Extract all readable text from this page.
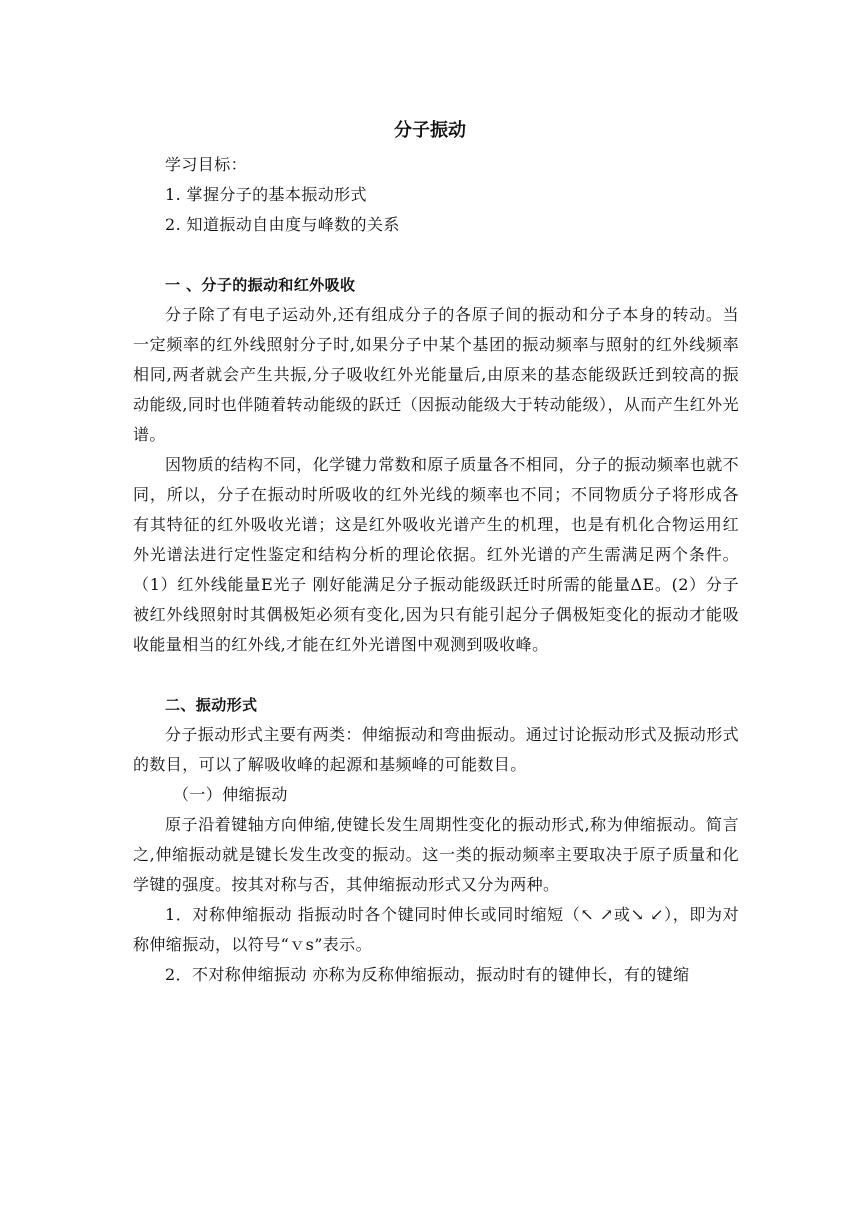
分子振动
学习目标：
1. 掌握分子的基本振动形式
2. 知道振动自由度与峰数的关系
一 、分子的振动和红外吸收

分子除了有电子运动外,还有组成分子的各原子间的振动和分子本身的转动。当一定频率的红外线照射分子时,如果分子中某个基团的振动频率与照射的红外线频率相同,两者就会产生共振,分子吸收红外光能量后,由原来的基态能级跃迁到较高的振动能级,同时也伴随着转动能级的跃迁（因振动能级大于转动能级），从而产生红外光谱。

因物质的结构不同，化学键力常数和原子质量各不相同，分子的振动频率也就不同，所以，分子在振动时所吸收的红外光线的频率也不同；不同物质分子将形成各有其特征的红外吸收光谱；这是红外吸收光谱产生的机理，也是有机化合物运用红外光谱法进行定性鉴定和结构分析的理论依据。红外光谱的产生需满足两个条件。（1）红外线能量E光子 刚好能满足分子振动能级跃迁时所需的能量ΔE。(2）分子被红外线照射时其偶极矩必须有变化,因为只有能引起分子偶极矩变化的振动才能吸收能量相当的红外线,才能在红外光谱图中观测到吸收峰。

二、振动形式

分子振动形式主要有两类：伸缩振动和弯曲振动。通过讨论振动形式及振动形式的数目，可以了解吸收峰的起源和基频峰的可能数目。

（一）伸缩振动

原子沿着键轴方向伸缩,使键长发生周期性变化的振动形式,称为伸缩振动。简言之,伸缩振动就是键长发生改变的振动。这一类的振动频率主要取决于原子质量和化学键的强度。按其对称与否，其伸缩振动形式又分为两种。

1．对称伸缩振动 指振动时各个键同时伸长或同时缩短（↖ ↗或↘ ↙），即为对称伸缩振动，以符号“ｖs”表示。

2．不对称伸缩振动 亦称为反称伸缩振动，振动时有的键伸长，有的键缩
